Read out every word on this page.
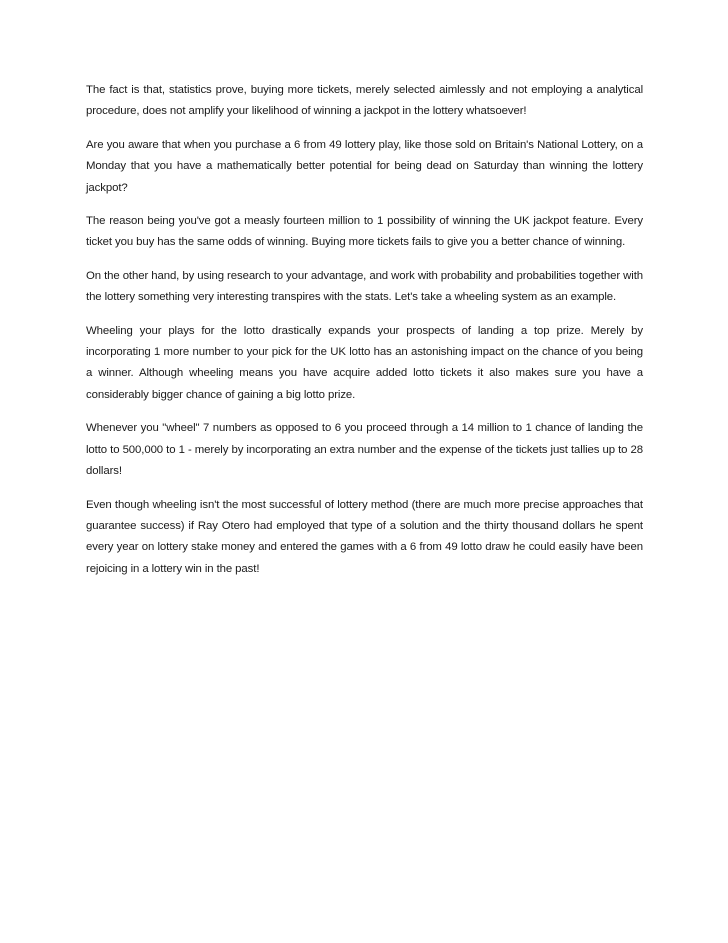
The fact is that, statistics prove, buying more tickets, merely selected aimlessly and not employing a analytical procedure, does not amplify your likelihood of winning a jackpot in the lottery whatsoever!

Are you aware that when you purchase a 6 from 49 lottery play, like those sold on Britain's National Lottery, on a Monday that you have a mathematically better potential for being dead on Saturday than winning the lottery jackpot?

The reason being you've got a measly fourteen million to 1 possibility of winning the UK jackpot feature. Every ticket you buy has the same odds of winning. Buying more tickets fails to give you a better chance of winning.

On the other hand, by using research to your advantage, and work with probability and probabilities together with the lottery something very interesting transpires with the stats. Let's take a wheeling system as an example.

Wheeling your plays for the lotto drastically expands your prospects of landing a top prize. Merely by incorporating 1 more number to your pick for the UK lotto has an astonishing impact on the chance of you being a winner. Although wheeling means you have acquire added lotto tickets it also makes sure you have a considerably bigger chance of gaining a big lotto prize.

Whenever you "wheel" 7 numbers as opposed to 6 you proceed through a 14 million to 1 chance of landing the lotto to 500,000 to 1 - merely by incorporating an extra number and the expense of the tickets just tallies up to 28 dollars!

Even though wheeling isn't the most successful of lottery method (there are much more precise approaches that guarantee success) if Ray Otero had employed that type of a solution and the thirty thousand dollars he spent every year on lottery stake money and entered the games with a 6 from 49 lotto draw he could easily have been rejoicing in a lottery win in the past!
